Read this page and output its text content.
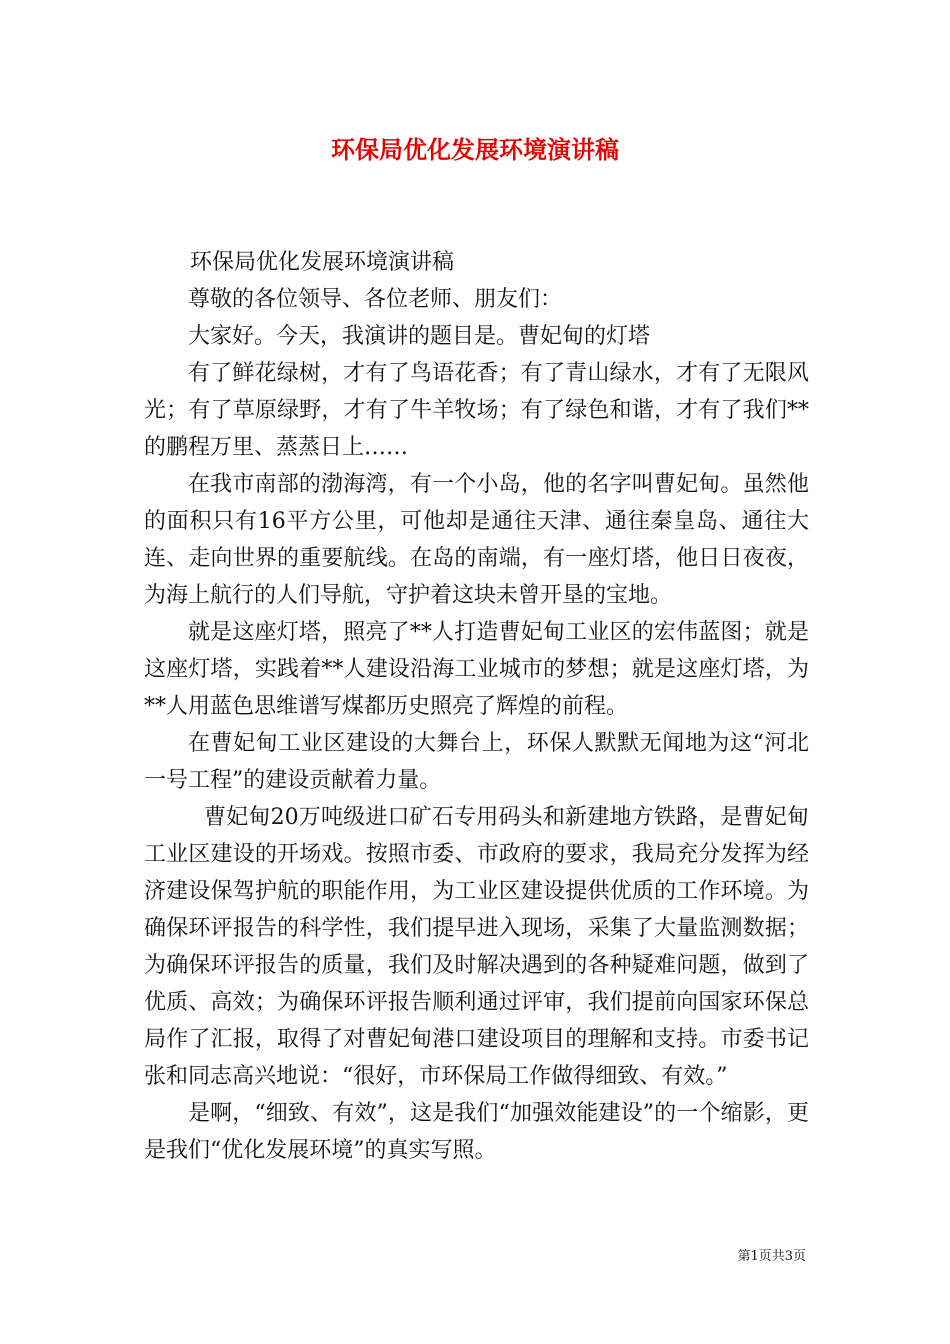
环保局优化发展环境演讲稿

环保局优化发展环境演讲稿

尊敬的各位领导、各位老师、朋友们：

大家好。今天，我演讲的题目是。曹妃甸的灯塔

有了鲜花绿树，才有了鸟语花香；有了青山绿水，才有了无限风光；有了草原绿野，才有了牛羊牧场；有了绿色和谐，才有了我们**的鹏程万里、蒸蒸日上……

在我市南部的渤海湾，有一个小岛，他的名字叫曹妃甸。虽然他的面积只有16平方公里，可他却是通往天津、通往秦皇岛、通往大连、走向世界的重要航线。在岛的南端，有一座灯塔，他日日夜夜，为海上航行的人们导航，守护着这块未曾开垦的宝地。

就是这座灯塔，照亮了**人打造曹妃甸工业区的宏伟蓝图；就是这座灯塔，实践着**人建设沿海工业城市的梦想；就是这座灯塔，为**人用蓝色思维谱写煤都历史照亮了辉煌的前程。

在曹妃甸工业区建设的大舞台上，环保人默默无闻地为这“河北一号工程”的建设贡献着力量。

曹妃甸20万吨级进口矿石专用码头和新建地方铁路，是曹妃甸工业区建设的开场戏。按照市委、市政府的要求，我局充分发挥为经济建设保驾护航的职能作用，为工业区建设提供优质的工作环境。为确保环评报告的科学性，我们提早进入现场，采集了大量监测数据；为确保环评报告的质量，我们及时解决遇到的各种疑难问题，做到了优质、高效；为确保环评报告顺利通过评审，我们提前向国家环保总局作了汇报，取得了对曹妃甸港口建设项目的理解和支持。市委书记张和同志高兴地说：“很好，市环保局工作做得细致、有效。”

是啊，“细致、有效”，这是我们“加强效能建设”的一个缩影，更是我们“优化发展环境”的真实写照。

第1页共3页
